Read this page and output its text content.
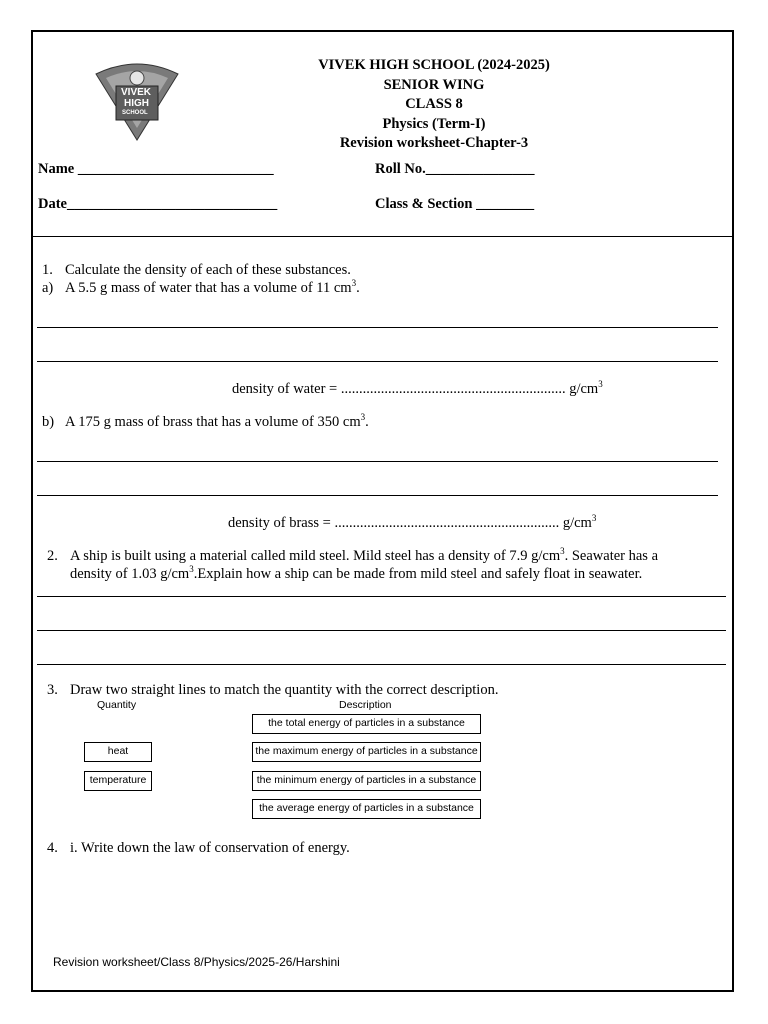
KNOWLEDGE AND INTEGRITY
VIVEK
HIGH
SCHOOL
VIVEK HIGH SCHOOL (2024-2025)
SENIOR WING
CLASS 8
Physics (Term-I)
Revision worksheet-Chapter-3
Name ___________________________	Roll No._______________
Date_____________________________	Class & Section ________
1. Calculate the density of each of these substances.
a) A 5.5 g mass of water that has a volume of 11 $cm^3$.
density of water = .............................................................. $g/cm^3$
b) A 175 g mass of brass that has a volume of 350 $cm^3$.
density of brass = .............................................................. $g/cm^3$
2. A ship is built using a material called mild steel. Mild steel has a density of 7.9 $g/cm^3$. Seawater has a
density of 1.03 $g/cm^3.Explain$ how a ship can be made from mild steel and safely float in seawater.
3. Draw two straight lines to match the quantity with the correct description.
Quantity	Description
heat
temperature
the total energy of particles in a substance
the maximum energy of particles in a substance
the minimum energy of particles in a substance
the average energy of particles in a substance
4. i. Write down the law of conservation of energy.
Revision worksheet/Class 8/Physics/2025-26/Harshini
